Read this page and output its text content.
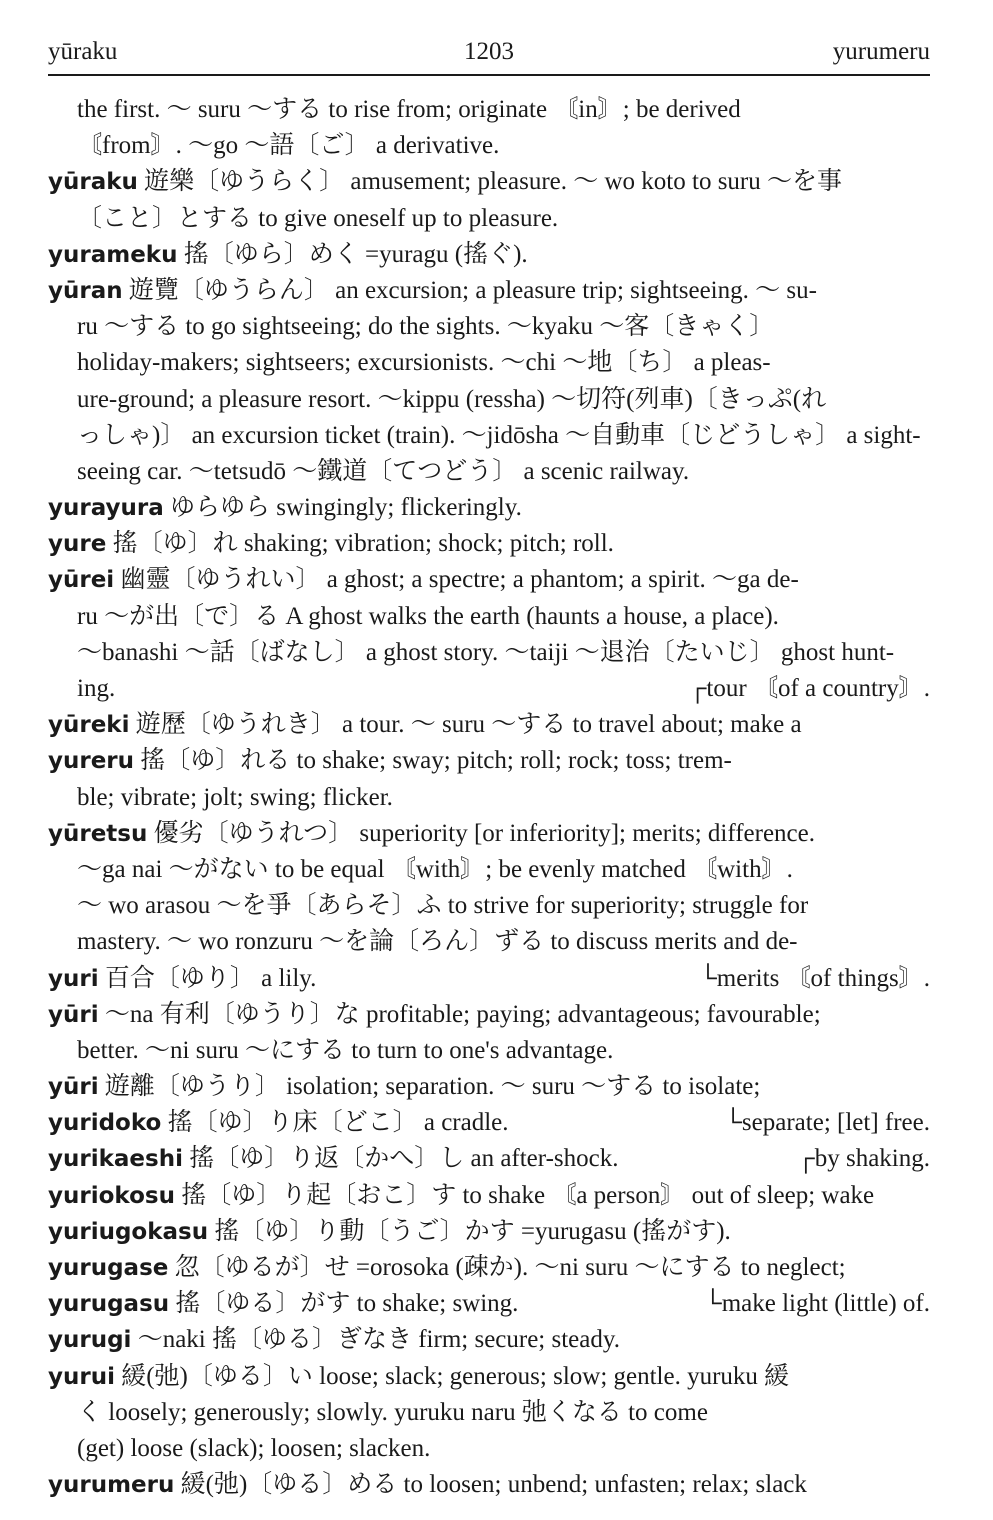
yūraku	1203	yurumeru
the first. ～ suru ～する to rise from; originate 〘in〙; be derived
〘from〙. ～go ～語〔ご〕 a derivative.
yūraku 遊樂〔ゆうらく〕 amusement; pleasure. ～ wo koto to suru ～を事
〔こと〕とする to give oneself up to pleasure.
yurameku 搖〔ゆら〕めく =yuragu (搖ぐ).
yūran 遊覽〔ゆうらん〕 an excursion; a pleasure trip; sightseeing. ～ su-
ru ～する to go sightseeing; do the sights. ～kyaku ～客〔きゃく〕
holiday-makers; sightseers; excursionists. ～chi ～地〔ち〕 a pleas-
ure-ground; a pleasure resort. ～kippu (ressha) ～切符(列車)〔きっぷ(れ
っしゃ)〕 an excursion ticket (train). ～jidōsha ～自動車〔じどうしゃ〕 a sight-
seeing car. ～tetsudō ～鐵道〔てつどう〕 a scenic railway.
yurayura ゆらゆら swingingly; flickeringly.
yure 搖〔ゆ〕れ shaking; vibration; shock; pitch; roll.
yūrei 幽靈〔ゆうれい〕 a ghost; a spectre; a phantom; a spirit. ～ga de-
ru ～が出〔で〕る A ghost walks the earth (haunts a house, a place).
～banashi ～話〔ばなし〕 a ghost story. ～taiji ～退治〔たいじ〕 ghost hunt-
ing.	┌tour 〘of a country〙.
yūreki 遊歷〔ゆうれき〕 a tour. ～ suru ～する to travel about; make a
yureru 搖〔ゆ〕れる to shake; sway; pitch; roll; rock; toss; trem-
ble; vibrate; jolt; swing; flicker.
yūretsu 優劣〔ゆうれつ〕 superiority [or inferiority]; merits; difference.
～ga nai ～がない to be equal 〘with〙; be evenly matched 〘with〙.
～ wo arasou ～を爭〔あらそ〕ふ to strive for superiority; struggle for
mastery. ～ wo ronzuru ～を論〔ろん〕ずる to discuss merits and de-
yuri 百合〔ゆり〕 a lily.	└merits 〘of things〙.
yūri ～na 有利〔ゆうり〕な profitable; paying; advantageous; favourable;
better. ～ni suru ～にする to turn to one's advantage.
yūri 遊離〔ゆうり〕 isolation; separation. ～ suru ～する to isolate;
yuridoko 搖〔ゆ〕り床〔どこ〕 a cradle.	└separate; [let] free.
yurikaeshi 搖〔ゆ〕り返〔かへ〕し an after-shock.	┌by shaking.
yuriokosu 搖〔ゆ〕り起〔おこ〕す to shake 〘a person〙 out of sleep; wake
yuriugokasu 搖〔ゆ〕り動〔うご〕かす =yurugasu (搖がす).
yurugase 忽〔ゆるが〕せ =orosoka (疎か). ～ni suru ～にする to neglect;
yurugasu 搖〔ゆる〕がす to shake; swing.	└make light (little) of.
yurugi ～naki 搖〔ゆる〕ぎなき firm; secure; steady.
yurui 緩(弛)〔ゆる〕い loose; slack; generous; slow; gentle. yuruku 緩
く loosely; generously; slowly. yuruku naru 弛くなる to come
(get) loose (slack); loosen; slacken.
yurumeru 緩(弛)〔ゆる〕める to loosen; unbend; unfasten; relax; slack
